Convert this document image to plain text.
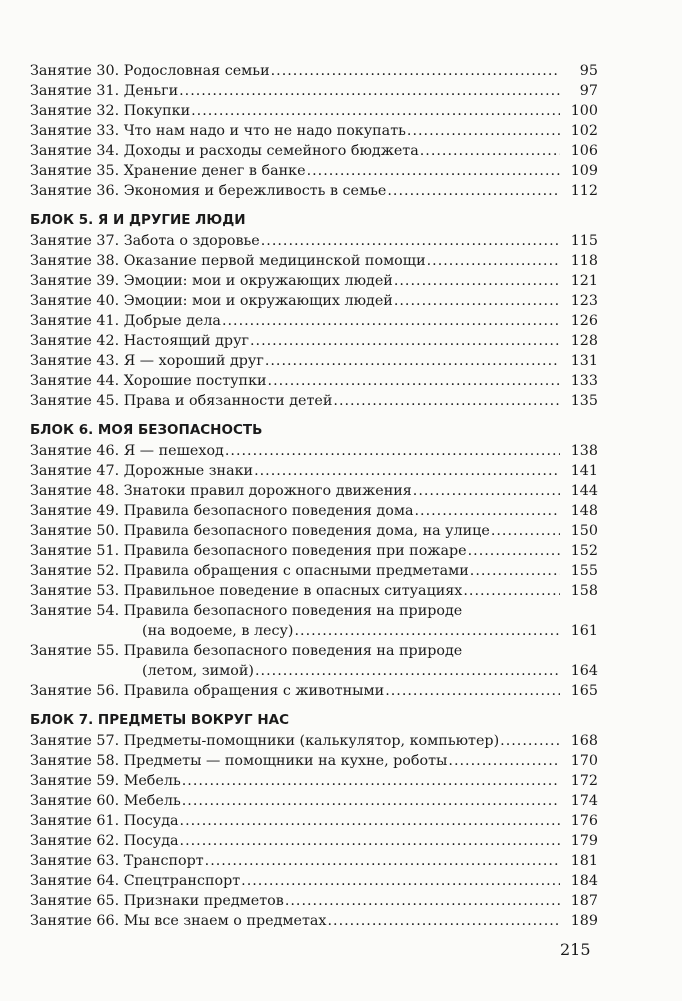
Занятие 30. Родословная семьи .....	95
Занятие 31. Деньги .....	97
Занятие 32. Покупки .....	100
Занятие 33. Что нам надо и что не надо покупать .....	102
Занятие 34. Доходы и расходы семейного бюджета .....	106
Занятие 35. Хранение денег в банке .....	109
Занятие 36. Экономия и бережливость в семье .....	112
БЛОК 5. Я И ДРУГИЕ ЛЮДИ
Занятие 37. Забота о здоровье .....	115
Занятие 38. Оказание первой медицинской помощи .....	118
Занятие 39. Эмоции: мои и окружающих людей .....	121
Занятие 40. Эмоции: мои и окружающих людей .....	123
Занятие 41. Добрые дела .....	126
Занятие 42. Настоящий друг .....	128
Занятие 43. Я — хороший друг .....	131
Занятие 44. Хорошие поступки .....	133
Занятие 45. Права и обязанности детей .....	135
БЛОК 6. МОЯ БЕЗОПАСНОСТЬ
Занятие 46. Я — пешеход .....	138
Занятие 47. Дорожные знаки .....	141
Занятие 48. Знатоки правил дорожного движения .....	144
Занятие 49. Правила безопасного поведения дома .....	148
Занятие 50. Правила безопасного поведения дома, на улице .....	150
Занятие 51. Правила безопасного поведения при пожаре .....	152
Занятие 52. Правила обращения с опасными предметами .....	155
Занятие 53. Правильное поведение в опасных ситуациях .....	158
Занятие 54. Правила безопасного поведения на природе
(на водоеме, в лесу) .....	161
Занятие 55. Правила безопасного поведения на природе
(летом, зимой) .....	164
Занятие 56. Правила обращения с животными .....	165
БЛОК 7. ПРЕДМЕТЫ ВОКРУГ НАС
Занятие 57. Предметы-помощники (калькулятор, компьютер) .....	168
Занятие 58. Предметы — помощники на кухне, роботы .....	170
Занятие 59. Мебель .....	172
Занятие 60. Мебель .....	174
Занятие 61. Посуда .....	176
Занятие 62. Посуда .....	179
Занятие 63. Транспорт .....	181
Занятие 64. Спецтранспорт .....	184
Занятие 65. Признаки предметов .....	187
Занятие 66. Мы все знаем о предметах .....	189
215
